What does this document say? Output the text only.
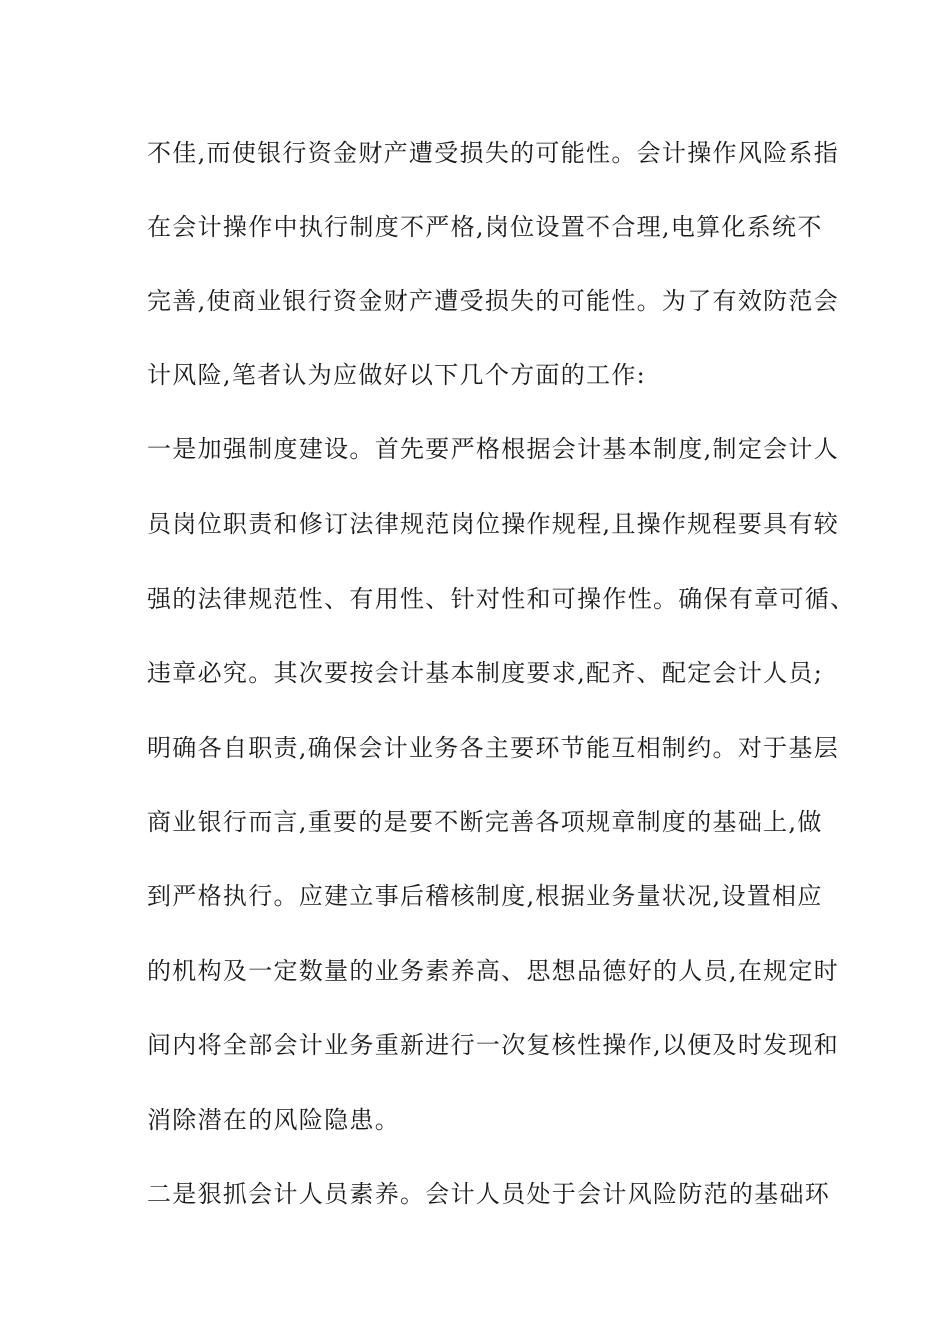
不佳,而使银行资金财产遭受损失的可能性。会计操作风险系指
在会计操作中执行制度不严格,岗位设置不合理,电算化系统不
完善,使商业银行资金财产遭受损失的可能性。为了有效防范会
计风险,笔者认为应做好以下几个方面的工作:
一是加强制度建设。首先要严格根据会计基本制度,制定会计人
员岗位职责和修订法律规范岗位操作规程,且操作规程要具有较
强的法律规范性、有用性、针对性和可操作性。确保有章可循、
违章必究。其次要按会计基本制度要求,配齐、配定会计人员;
明确各自职责,确保会计业务各主要环节能互相制约。对于基层
商业银行而言,重要的是要不断完善各项规章制度的基础上,做
到严格执行。应建立事后稽核制度,根据业务量状况,设置相应
的机构及一定数量的业务素养高、思想品德好的人员,在规定时
间内将全部会计业务重新进行一次复核性操作,以便及时发现和
消除潜在的风险隐患。
二是狠抓会计人员素养。会计人员处于会计风险防范的基础环
